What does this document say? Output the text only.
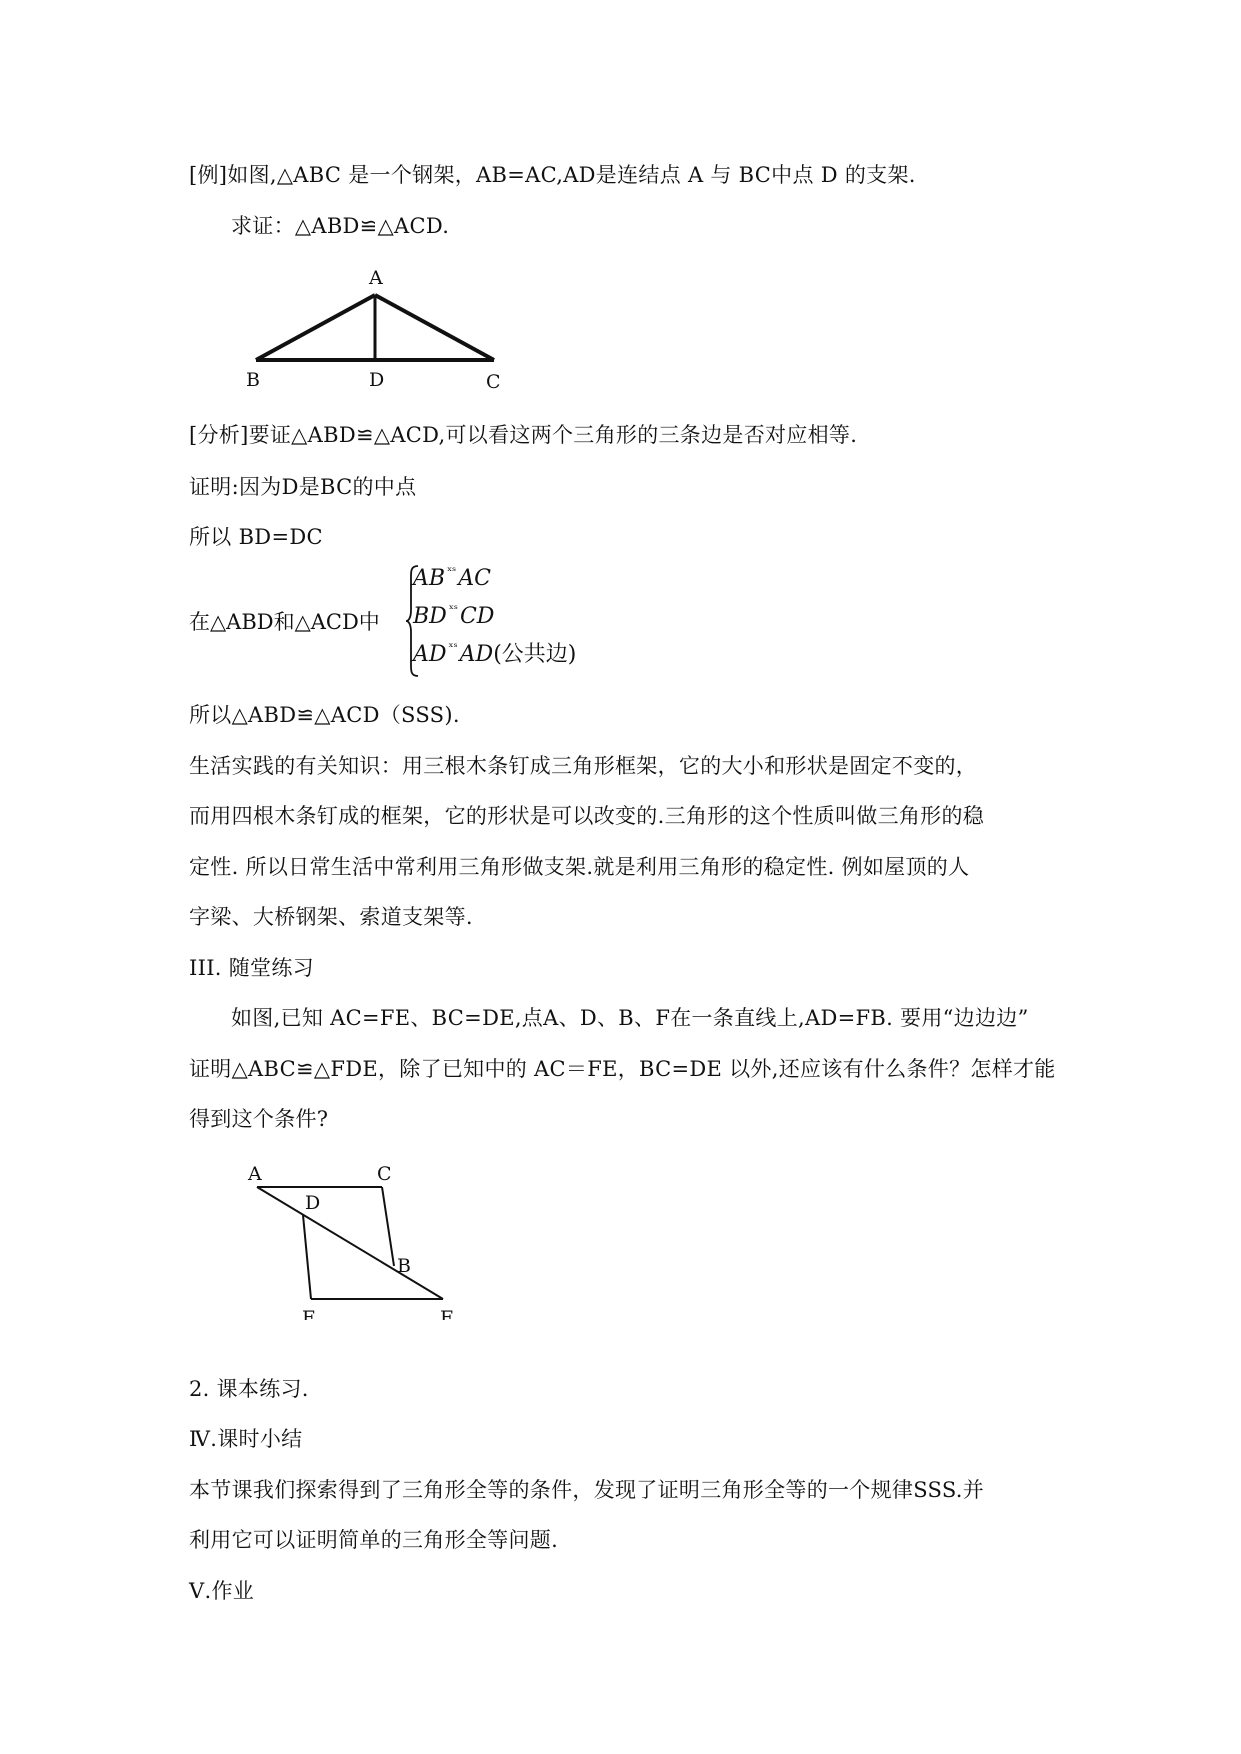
[例]如图,△ABC 是一个钢架，AB=AC,AD是连结点 A 与 BC中点 D 的支架.

求证：△ABD≌△ACD.

A
B	D	C

[分析]要证△ABD≌△ACD,可以看这两个三角形的三条边是否对应相等.

证明:因为D是BC的中点

所以 BD=DC

在△ABD和△ACD中
AB $^{ˣˢ}$AC
BD $^{ˣˢ}$CD
AD $^{ˣˢ}$AD(公共边)

所以△ABD≌△ACD（SSS).

生活实践的有关知识：用三根木条钉成三角形框架，它的大小和形状是固定不变的，

而用四根木条钉成的框架，它的形状是可以改变的.三角形的这个性质叫做三角形的稳

定性. 所以日常生活中常利用三角形做支架.就是利用三角形的稳定性. 例如屋顶的人

字梁、大桥钢架、索道支架等.

III. 随堂练习

如图,已知 AC=FE、BC=DE,点A、D、B、F在一条直线上,AD=FB. 要用“边边边”

证明△ABC≌△FDE，除了已知中的 AC＝FE，BC=DE 以外,还应该有什么条件？怎样才能

得到这个条件?

A	C
D
B
E	F

2. 课本练习.

Ⅳ.课时小结

本节课我们探索得到了三角形全等的条件，发现了证明三角形全等的一个规律SSS.并

利用它可以证明简单的三角形全等问题.

Ⅴ.作业
